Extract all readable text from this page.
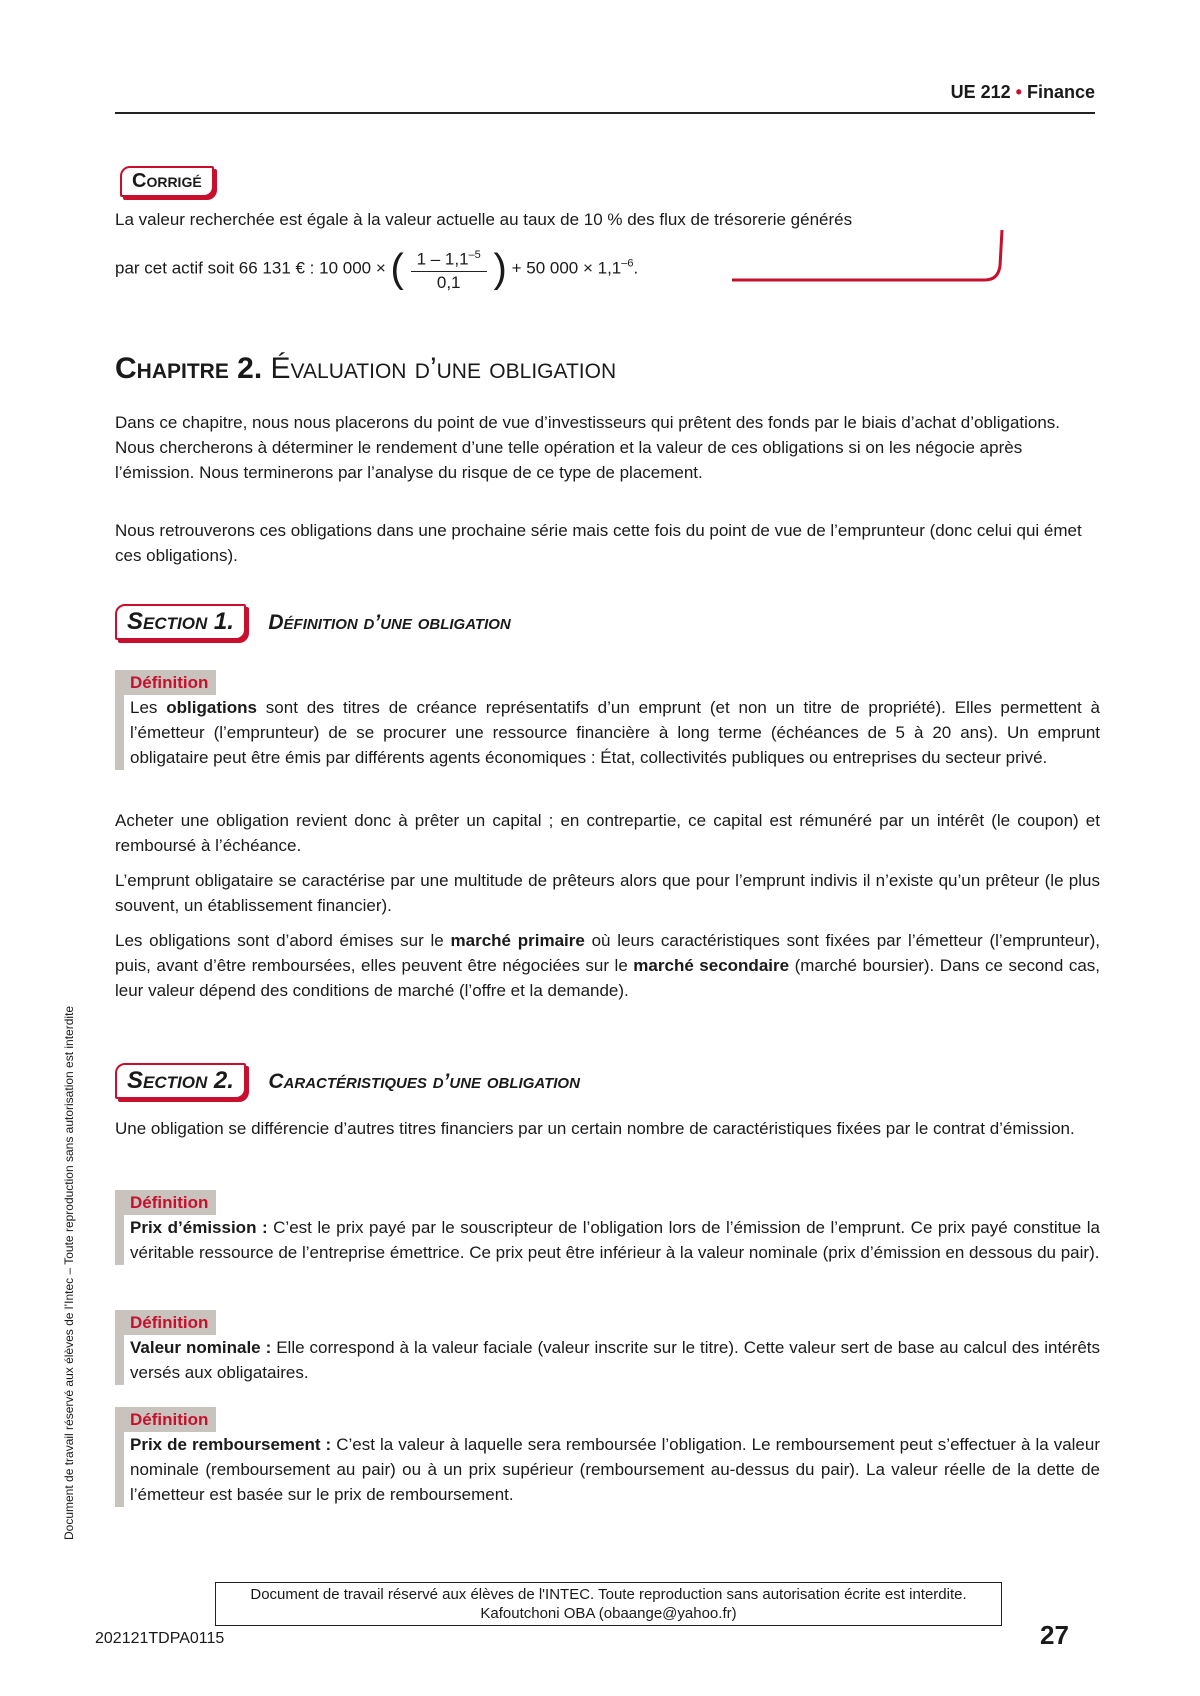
UE 212 • Finance
Corrigé

La valeur recherchée est égale à la valeur actuelle au taux de 10 % des flux de trésorerie générés

par cet actif soit 66 131 € : 10 000 × ( $\frac{1 - 1,1^{-5}}{0,1}$ ) + 50 $000 \times 1,1^{-6}$.
Chapitre 2. Évaluation d’une obligation

Dans ce chapitre, nous nous placerons du point de vue d’investisseurs qui prêtent des fonds par le biais d’achat d’obligations. Nous chercherons à déterminer le rendement d’une telle opération et la valeur de ces obligations si on les négocie après l’émission. Nous terminerons par l’analyse du risque de ce type de placement.

Nous retrouverons ces obligations dans une prochaine série mais cette fois du point de vue de l’emprunteur (donc celui qui émet ces obligations).

Section 1. Définition d’une obligation
Définition

Les obligations sont des titres de créance représentatifs d’un emprunt (et non un titre de propriété). Elles permettent à l’émetteur (l’emprunteur) de se procurer une ressource financière à long terme (échéances de 5 à 20 ans). Un emprunt obligataire peut être émis par différents agents économiques : État, collectivités publiques ou entreprises du secteur privé.

Acheter une obligation revient donc à prêter un capital ; en contrepartie, ce capital est rémunéré par un intérêt (le coupon) et remboursé à l’échéance.

L’emprunt obligataire se caractérise par une multitude de prêteurs alors que pour l’emprunt indivis il n’existe qu’un prêteur (le plus souvent, un établissement financier).

Les obligations sont d’abord émises sur le marché primaire où leurs caractéristiques sont fixées par l’émetteur (l’emprunteur), puis, avant d’être remboursées, elles peuvent être négociées sur le marché secondaire (marché boursier). Dans ce second cas, leur valeur dépend des conditions de marché (l’offre et la demande).

Section 2. Caractéristiques d’une obligation

Une obligation se différencie d’autres titres financiers par un certain nombre de caractéristiques fixées par le contrat d’émission.

Définition

Prix d’émission : C’est le prix payé par le souscripteur de l’obligation lors de l’émission de l’emprunt. Ce prix payé constitue la véritable ressource de l’entreprise émettrice. Ce prix peut être inférieur à la valeur nominale (prix d’émission en dessous du pair).

Définition

Valeur nominale : Elle correspond à la valeur faciale (valeur inscrite sur le titre). Cette valeur sert de base au calcul des intérêts versés aux obligataires.

Définition

Prix de remboursement : C’est la valeur à laquelle sera remboursée l’obligation. Le remboursement peut s’effectuer à la valeur nominale (remboursement au pair) ou à un prix supérieur (remboursement au-dessus du pair). La valeur réelle de la dette de l’émetteur est basée sur le prix de remboursement.

Document de travail réservé aux élèves de l’Intec – Toute reproduction sans autorisation est interdite
Document de travail réservé aux élèves de l'INTEC. Toute reproduction sans autorisation écrite est interdite.
Kafoutchoni OBA (obaange@yahoo.fr)
202121TDPA0115	27
